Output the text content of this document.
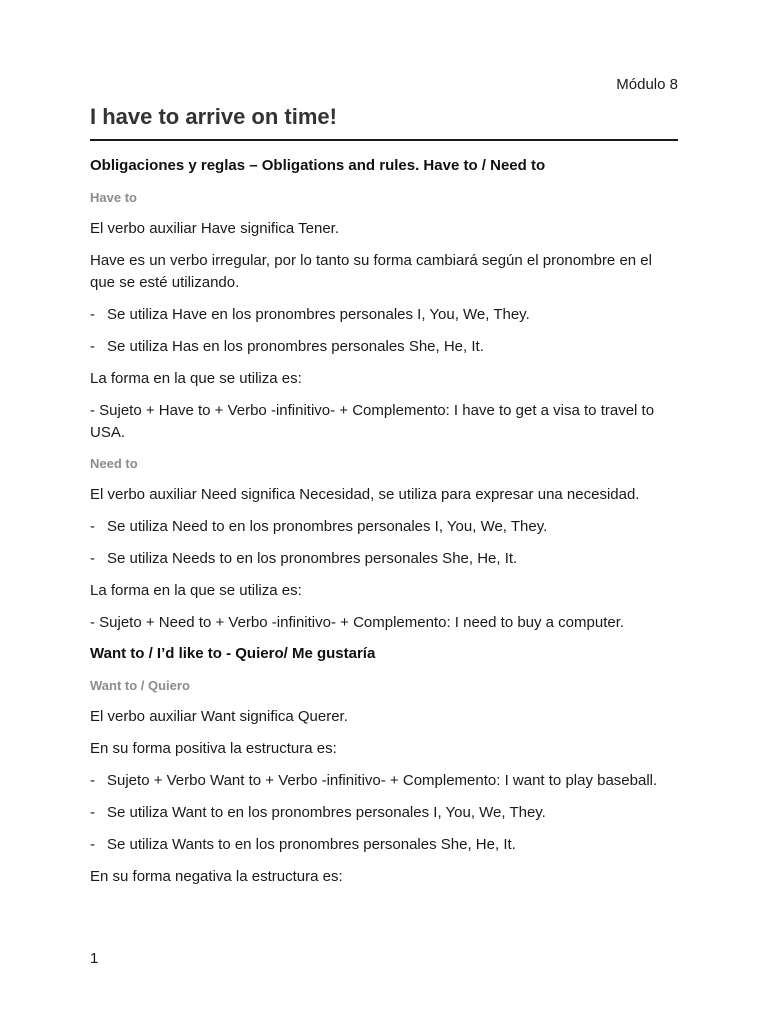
Módulo 8
I have to arrive on time!
Obligaciones y reglas – Obligations and rules. Have to / Need to
Have to

El verbo auxiliar Have significa Tener.

Have es un verbo irregular, por lo tanto su forma cambiará según el pronombre en el que se esté utilizando.

- Se utiliza Have en los pronombres personales I, You, We, They.
- Se utiliza Has en los pronombres personales She, He, It.

La forma en la que se utiliza es:

- Sujeto + Have to + Verbo -infinitivo- + Complemento: I have to get a visa to travel to USA.

Need to

El verbo auxiliar Need significa Necesidad, se utiliza para expresar una necesidad.

- Se utiliza Need to en los pronombres personales I, You, We, They.
- Se utiliza Needs to en los pronombres personales She, He, It.

La forma en la que se utiliza es:

- Sujeto + Need to + Verbo -infinitivo- + Complemento: I need to buy a computer.

Want to / I’d like to - Quiero/ Me gustaría
Want to / Quiero

El verbo auxiliar Want significa Querer.

En su forma positiva la estructura es:

- Sujeto + Verbo Want to + Verbo -infinitivo- + Complemento: I want to play baseball.
- Se utiliza Want to en los pronombres personales I, You, We, They.
- Se utiliza Wants to en los pronombres personales She, He, It.

En su forma negativa la estructura es:

1
